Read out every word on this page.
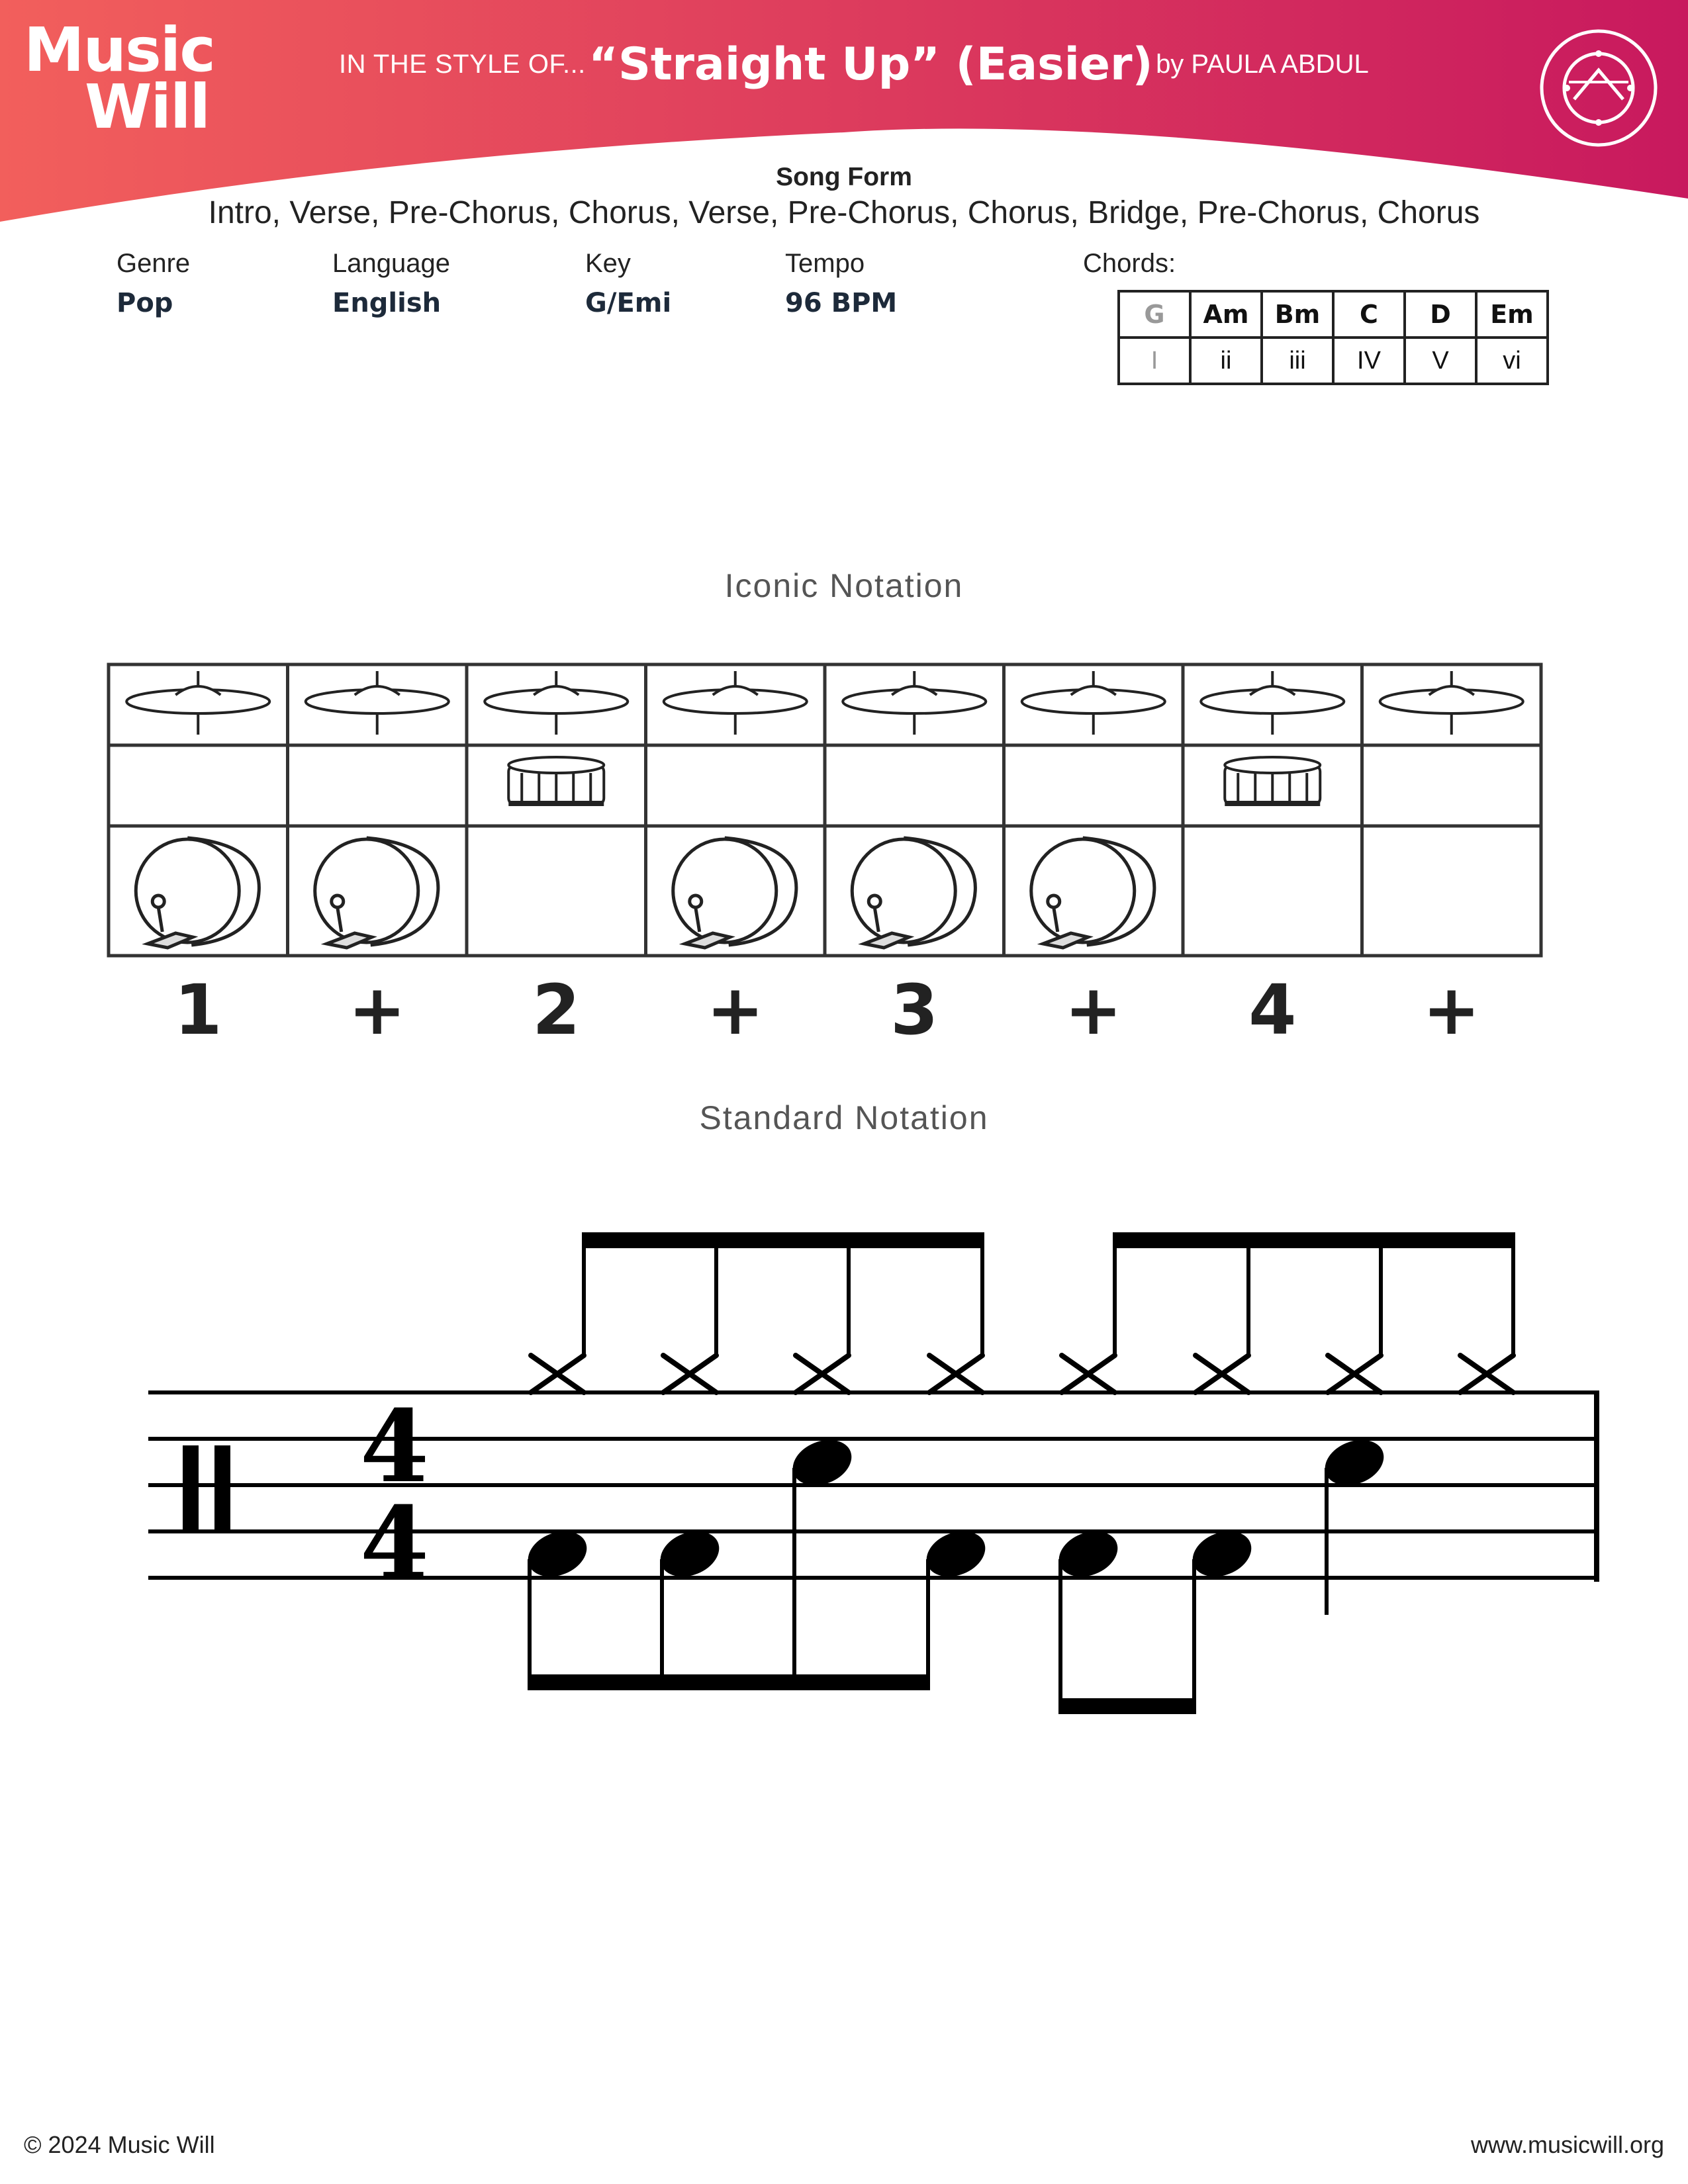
Music
Will
IN THE STYLE OF... “Straight Up” (Easier) by PAULA ABDUL
Song Form
Intro, Verse, Pre-Chorus, Chorus, Verse, Pre-Chorus, Chorus, Bridge, Pre-Chorus, Chorus
Genre
Pop
Language
English
Key
G/Emi
Tempo
96 BPM
Chords:
G	Am	Bm	C	D	Em
I	ii	iii	IV	V	vi
Iconic Notation
1 + 2 + 3 + 4 +
Standard Notation
4
4
© 2024 Music Will	www.musicwill.org
